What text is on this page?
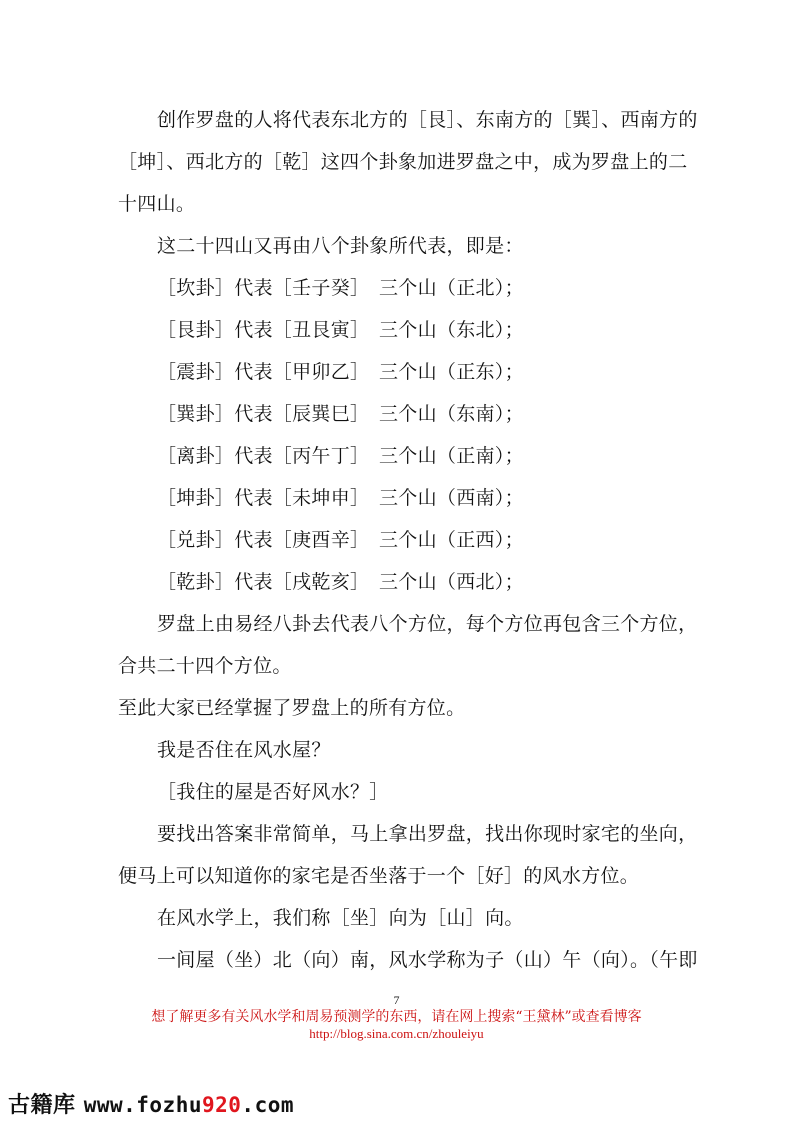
创作罗盘的人将代表东北方的［艮］、东南方的［巽］、西南方的
［坤］、西北方的［乾］这四个卦象加进罗盘之中，成为罗盘上的二
十四山。
这二十四山又再由八个卦象所代表，即是：
［坎卦］代表［壬子癸］ 三个山（正北）；
［艮卦］代表［丑艮寅］ 三个山（东北）；
［震卦］代表［甲卯乙］ 三个山（正东）；
［巽卦］代表［辰巽巳］ 三个山（东南）；
［离卦］代表［丙午丁］ 三个山（正南）；
［坤卦］代表［未坤申］ 三个山（西南）；
［兑卦］代表［庚酉辛］ 三个山（正西）；
［乾卦］代表［戌乾亥］ 三个山（西北）；
罗盘上由易经八卦去代表八个方位，每个方位再包含三个方位，
合共二十四个方位。
至此大家已经掌握了罗盘上的所有方位。
我是否住在风水屋？
［我住的屋是否好风水？］
要找出答案非常简单，马上拿出罗盘，找出你现时家宅的坐向，
便马上可以知道你的家宅是否坐落于一个［好］的风水方位。
在风水学上，我们称［坐］向为［山］向。
一间屋（坐）北（向）南，风水学称为子（山）午（向）。（午即
7
想了解更多有关风水学和周易预测学的东西，请在网上搜索“王黛林”或查看博客
http://blog.sina.com.cn/zhouleiyu
古籍库 www.fozhu920.com
